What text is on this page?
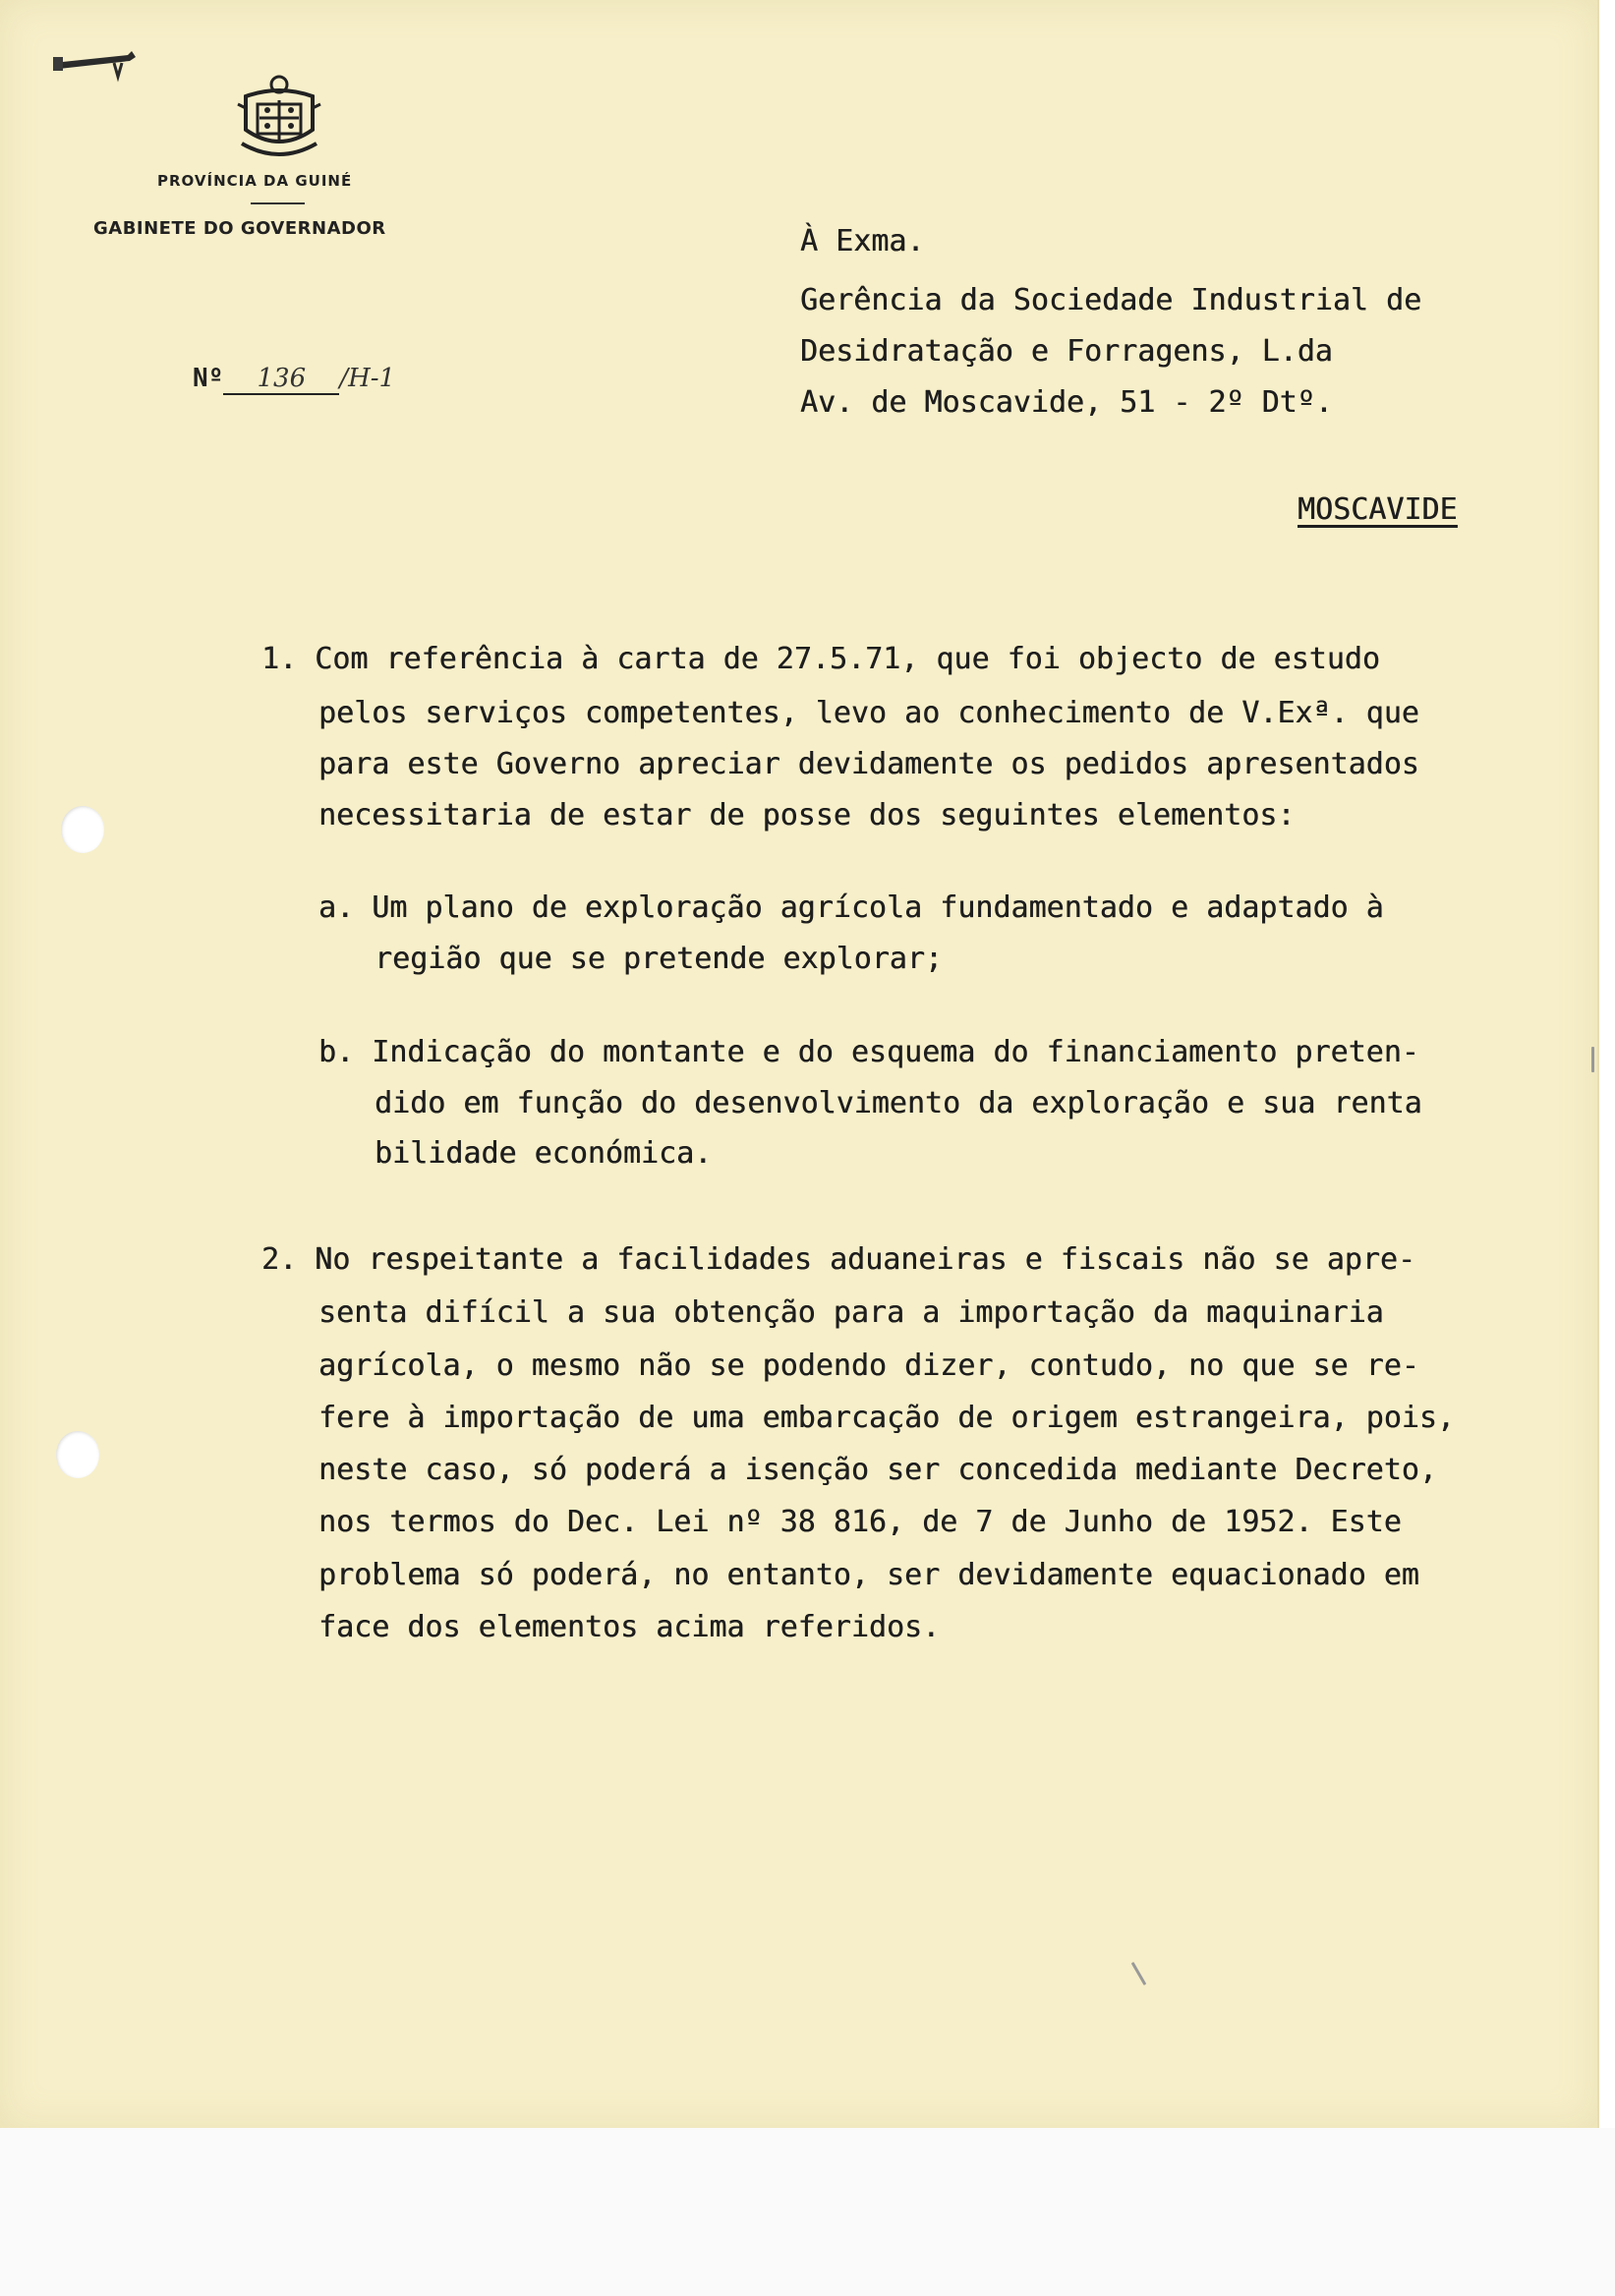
PROVÍNCIA DA GUINÉ
GABINETE DO GOVERNADOR
Nº 136 /H-1
À Exma.
Gerência da Sociedade Industrial de
Desidratação e Forragens, L.da
Av. de Moscavide, 51 - 2º Dtº.
MOSCAVIDE
1. Com referência à carta de 27.5.71, que foi objecto de estudo
pelos serviços competentes, levo ao conhecimento de V.Exª. que
para este Governo apreciar devidamente os pedidos apresentados
necessitaria de estar de posse dos seguintes elementos:
a. Um plano de exploração agrícola fundamentado e adaptado à
região que se pretende explorar;
b. Indicação do montante e do esquema do financiamento preten-
dido em função do desenvolvimento da exploração e sua renta
bilidade económica.
2. No respeitante a facilidades aduaneiras e fiscais não se apre-
senta difícil a sua obtenção para a importação da maquinaria
agrícola, o mesmo não se podendo dizer, contudo, no que se re-
fere à importação de uma embarcação de origem estrangeira, pois,
neste caso, só poderá a isenção ser concedida mediante Decreto,
nos termos do Dec. Lei nº 38 816, de 7 de Junho de 1952. Este
problema só poderá, no entanto, ser devidamente equacionado em
face dos elementos acima referidos.
